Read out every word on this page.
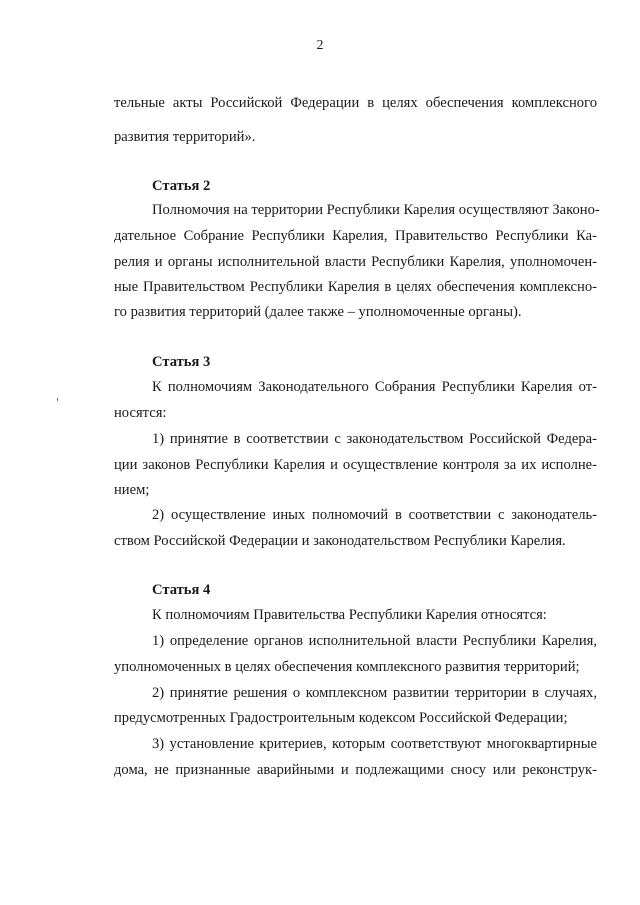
2
тельные акты Российской Федерации в целях обеспечения комплексного
развития территорий».
Статья 2
Полномочия на территории Республики Карелия осуществляют Законо-
дательное Собрание Республики Карелия, Правительство Республики Ка-
релия и органы исполнительной власти Республики Карелия, уполномочен-
ные Правительством Республики Карелия в целях обеспечения комплексно-
го развития территорий (далее также – уполномоченные органы).
Статья 3
К полномочиям Законодательного Собрания Республики Карелия от-
носятся:
1) принятие в соответствии с законодательством Российской Федера-
ции законов Республики Карелия и осуществление контроля за их исполне-
нием;
2) осуществление иных полномочий в соответствии с законодатель-
ством Российской Федерации и законодательством Республики Карелия.
Статья 4
К полномочиям Правительства Республики Карелия относятся:
1) определение органов исполнительной власти Республики Карелия,
уполномоченных в целях обеспечения комплексного развития территорий;
2) принятие решения о комплексном развитии территории в случаях,
предусмотренных Градостроительным кодексом Российской Федерации;
3) установление критериев, которым соответствуют многоквартирные
дома, не признанные аварийными и подлежащими сносу или реконструк-
